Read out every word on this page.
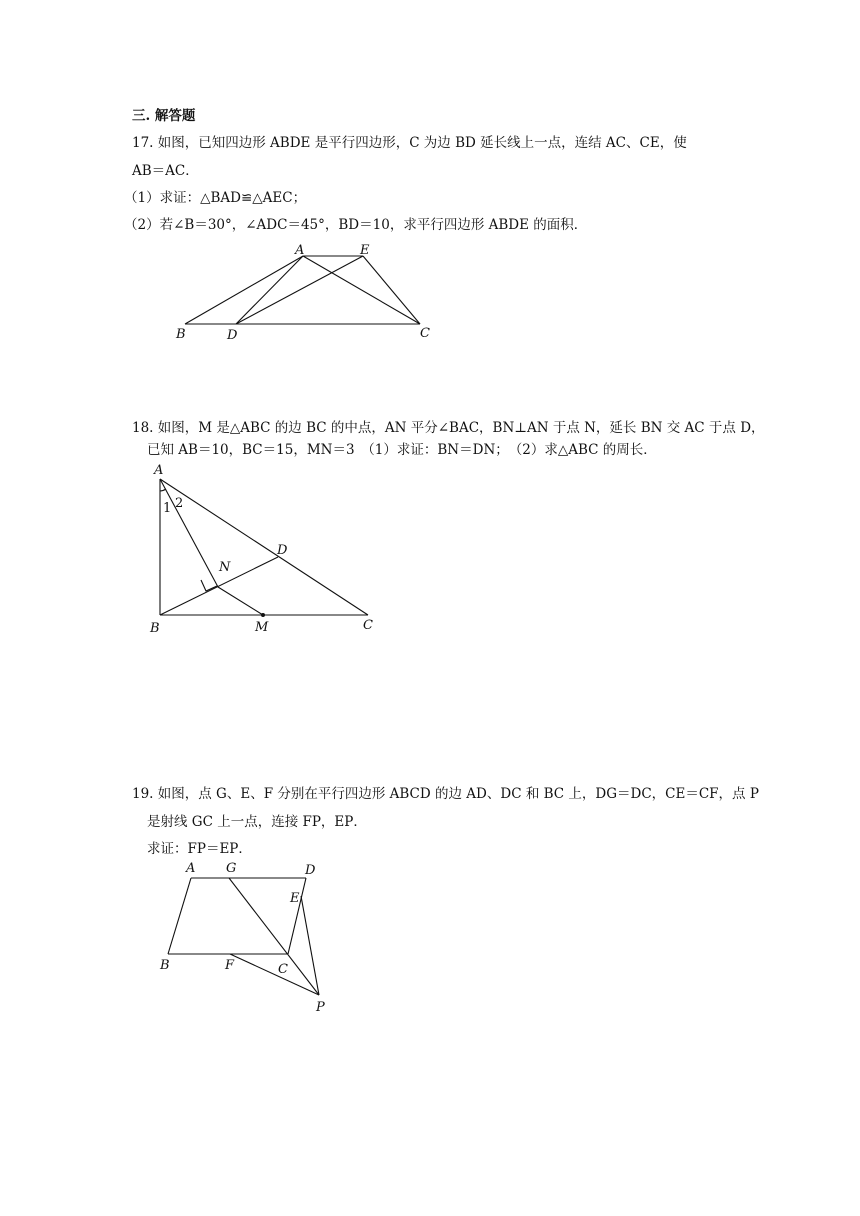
三. 解答题
17. 如图，已知四边形 ABDE 是平行四边形，C 为边 BD 延长线上一点，连结 AC、CE，使
AB＝AC．
（1）求证：△BAD≌△AEC；
（2）若∠B＝30°，∠ADC＝45°，BD＝10，求平行四边形 ABDE 的面积．
A	E
B	D	C
A
B	C
D
N
M
1 2
A G	D
E
B	F	C
P
18. 如图，M 是△ABC 的边 BC 的中点，AN 平分∠BAC，BN⊥AN 于点 N，延长 BN 交 AC 于点 D，
已知 AB＝10，BC＝15，MN＝3　（1）求证：BN＝DN；　（2）求△ABC 的周长．
19. 如图，点 G、E、F 分别在平行四边形 ABCD 的边 AD、DC 和 BC 上，DG＝DC，CE＝CF，点 P
是射线 GC 上一点，连接 FP，EP．
求证：FP＝EP．
